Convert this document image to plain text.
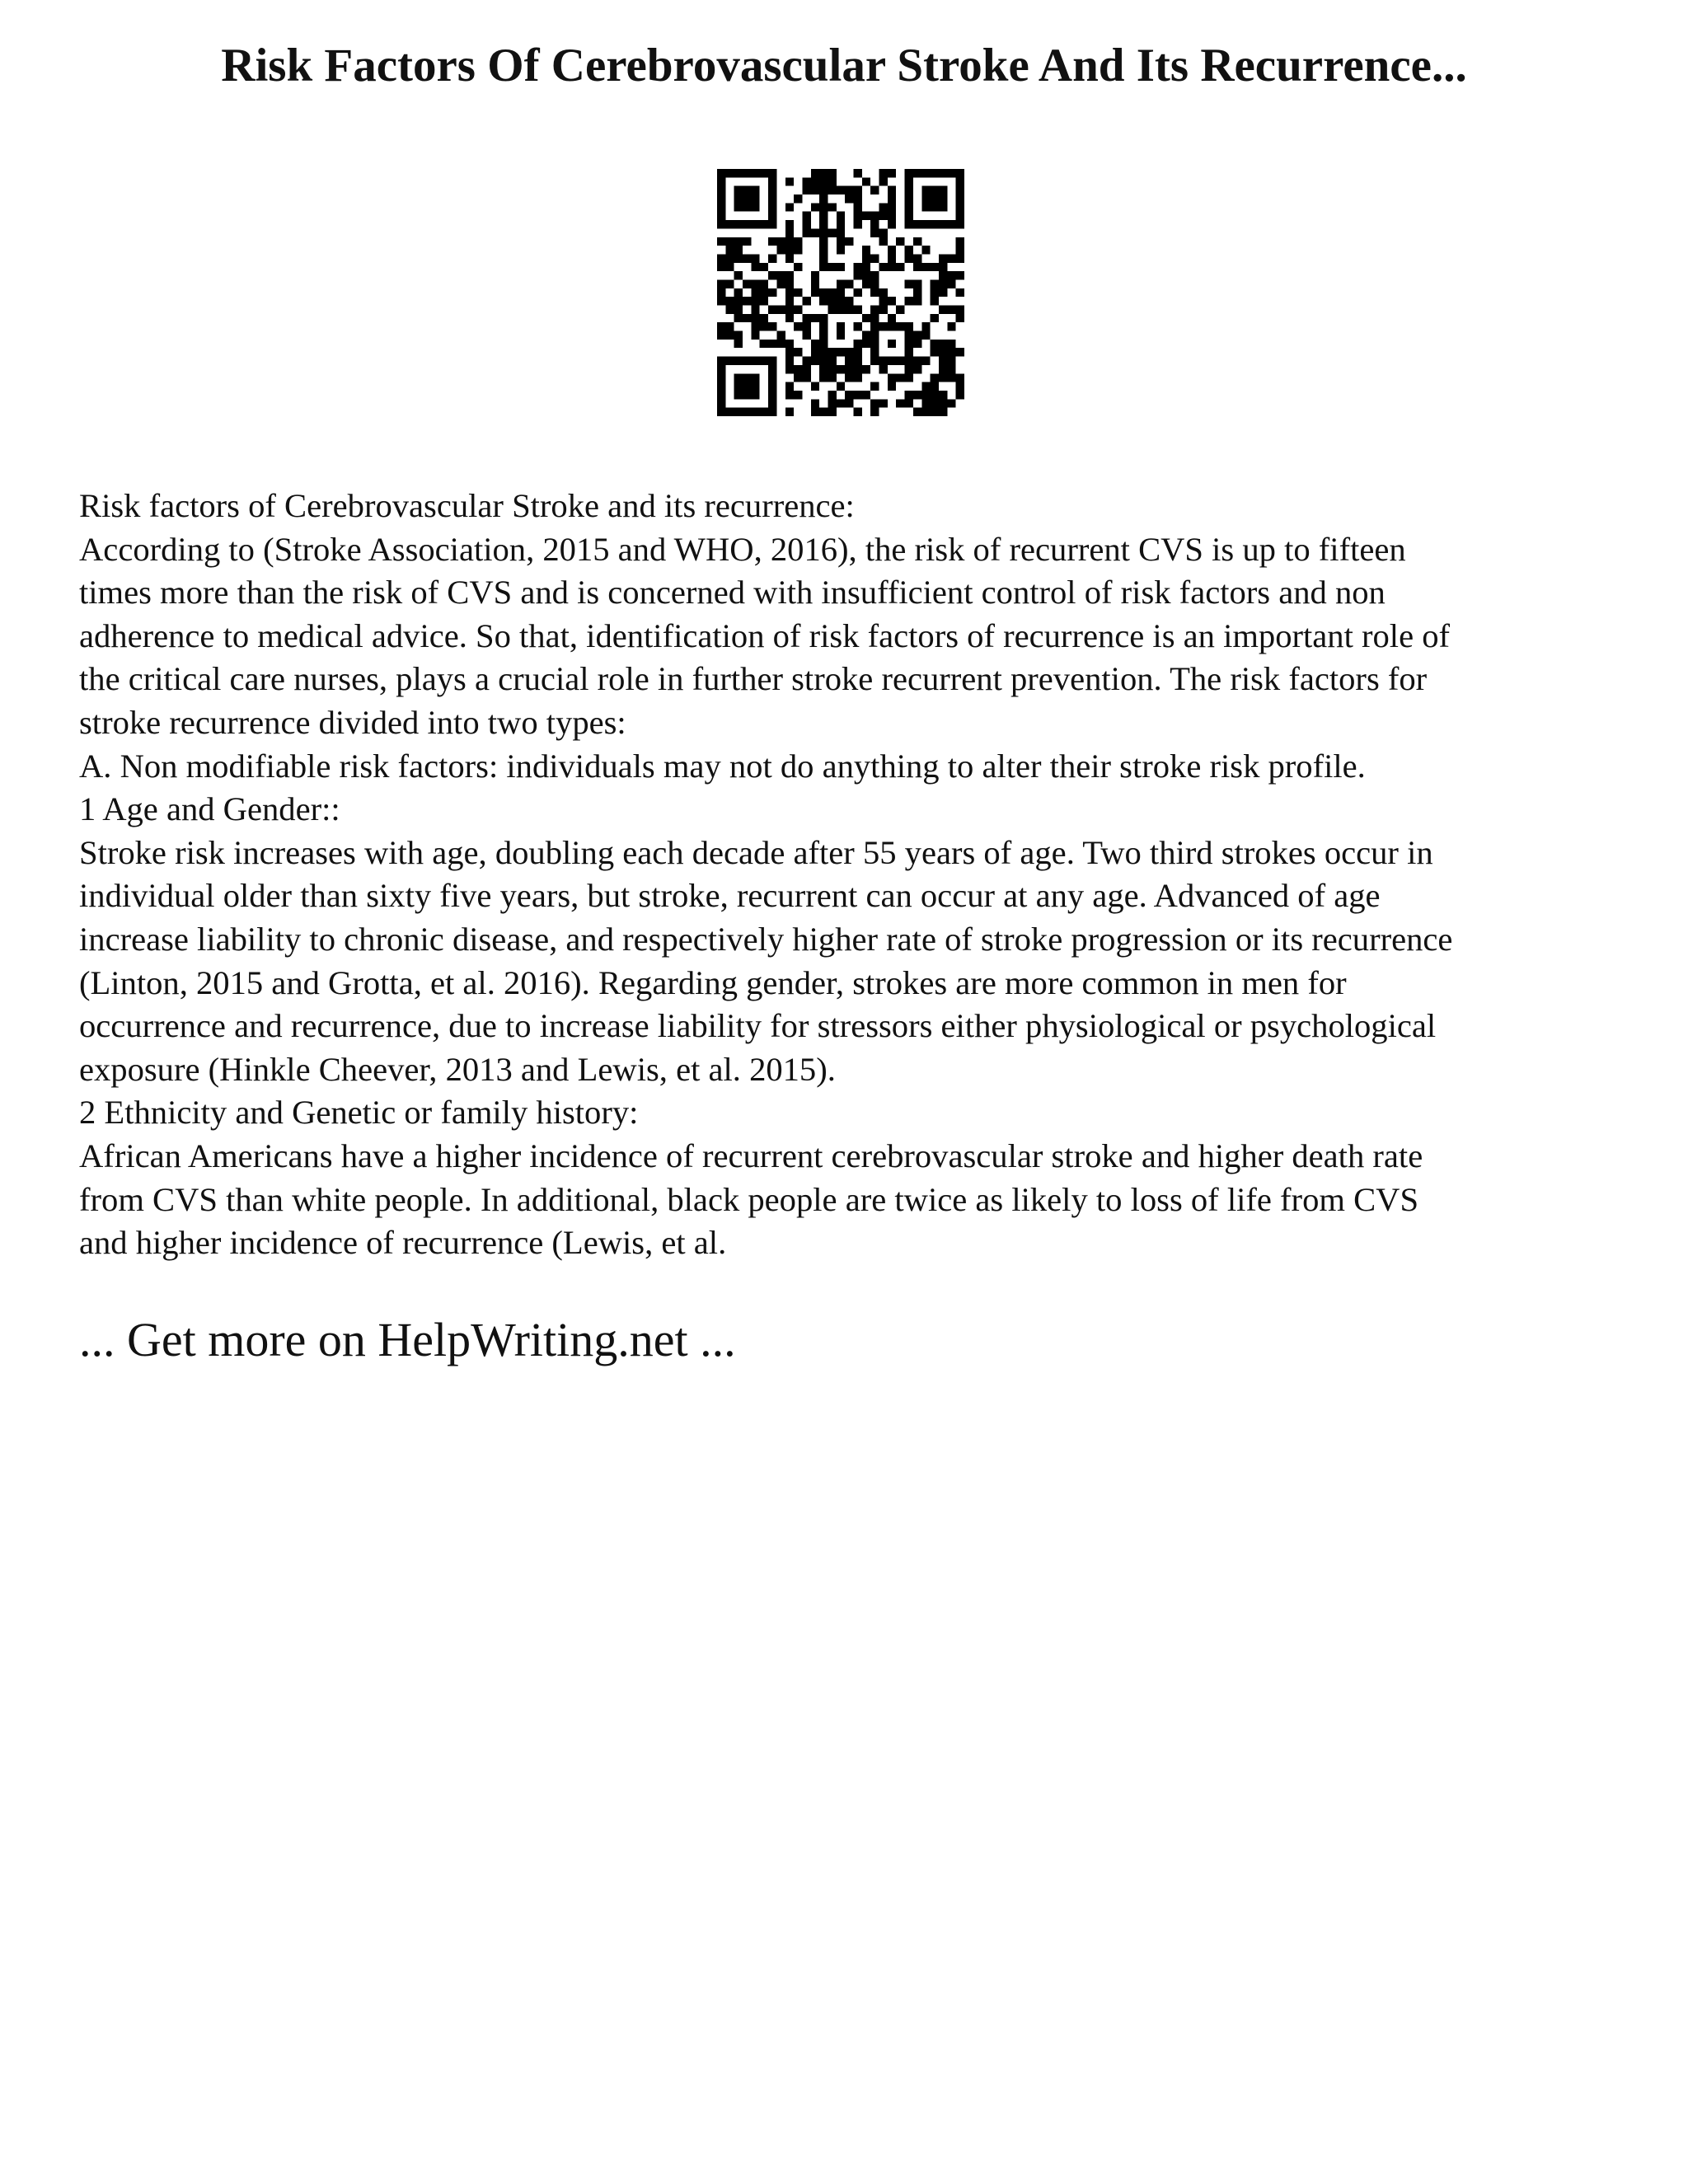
Risk Factors Of Cerebrovascular Stroke And Its Recurrence...
Risk factors of Cerebrovascular Stroke and its recurrence:
According to (Stroke Association, 2015 and WHO, 2016), the risk of recurrent CVS is up to fifteen
times more than the risk of CVS and is concerned with insufficient control of risk factors and non
adherence to medical advice. So that, identification of risk factors of recurrence is an important role of
the critical care nurses, plays a crucial role in further stroke recurrent prevention. The risk factors for
stroke recurrence divided into two types:
A. Non modifiable risk factors: individuals may not do anything to alter their stroke risk profile.
1 Age and Gender::
Stroke risk increases with age, doubling each decade after 55 years of age. Two third strokes occur in
individual older than sixty five years, but stroke, recurrent can occur at any age. Advanced of age
increase liability to chronic disease, and respectively higher rate of stroke progression or its recurrence
(Linton, 2015 and Grotta, et al. 2016). Regarding gender, strokes are more common in men for
occurrence and recurrence, due to increase liability for stressors either physiological or psychological
exposure (Hinkle Cheever, 2013 and Lewis, et al. 2015).
2 Ethnicity and Genetic or family history:
African Americans have a higher incidence of recurrent cerebrovascular stroke and higher death rate
from CVS than white people. In additional, black people are twice as likely to loss of life from CVS
and higher incidence of recurrence (Lewis, et al.
... Get more on HelpWriting.net ...
